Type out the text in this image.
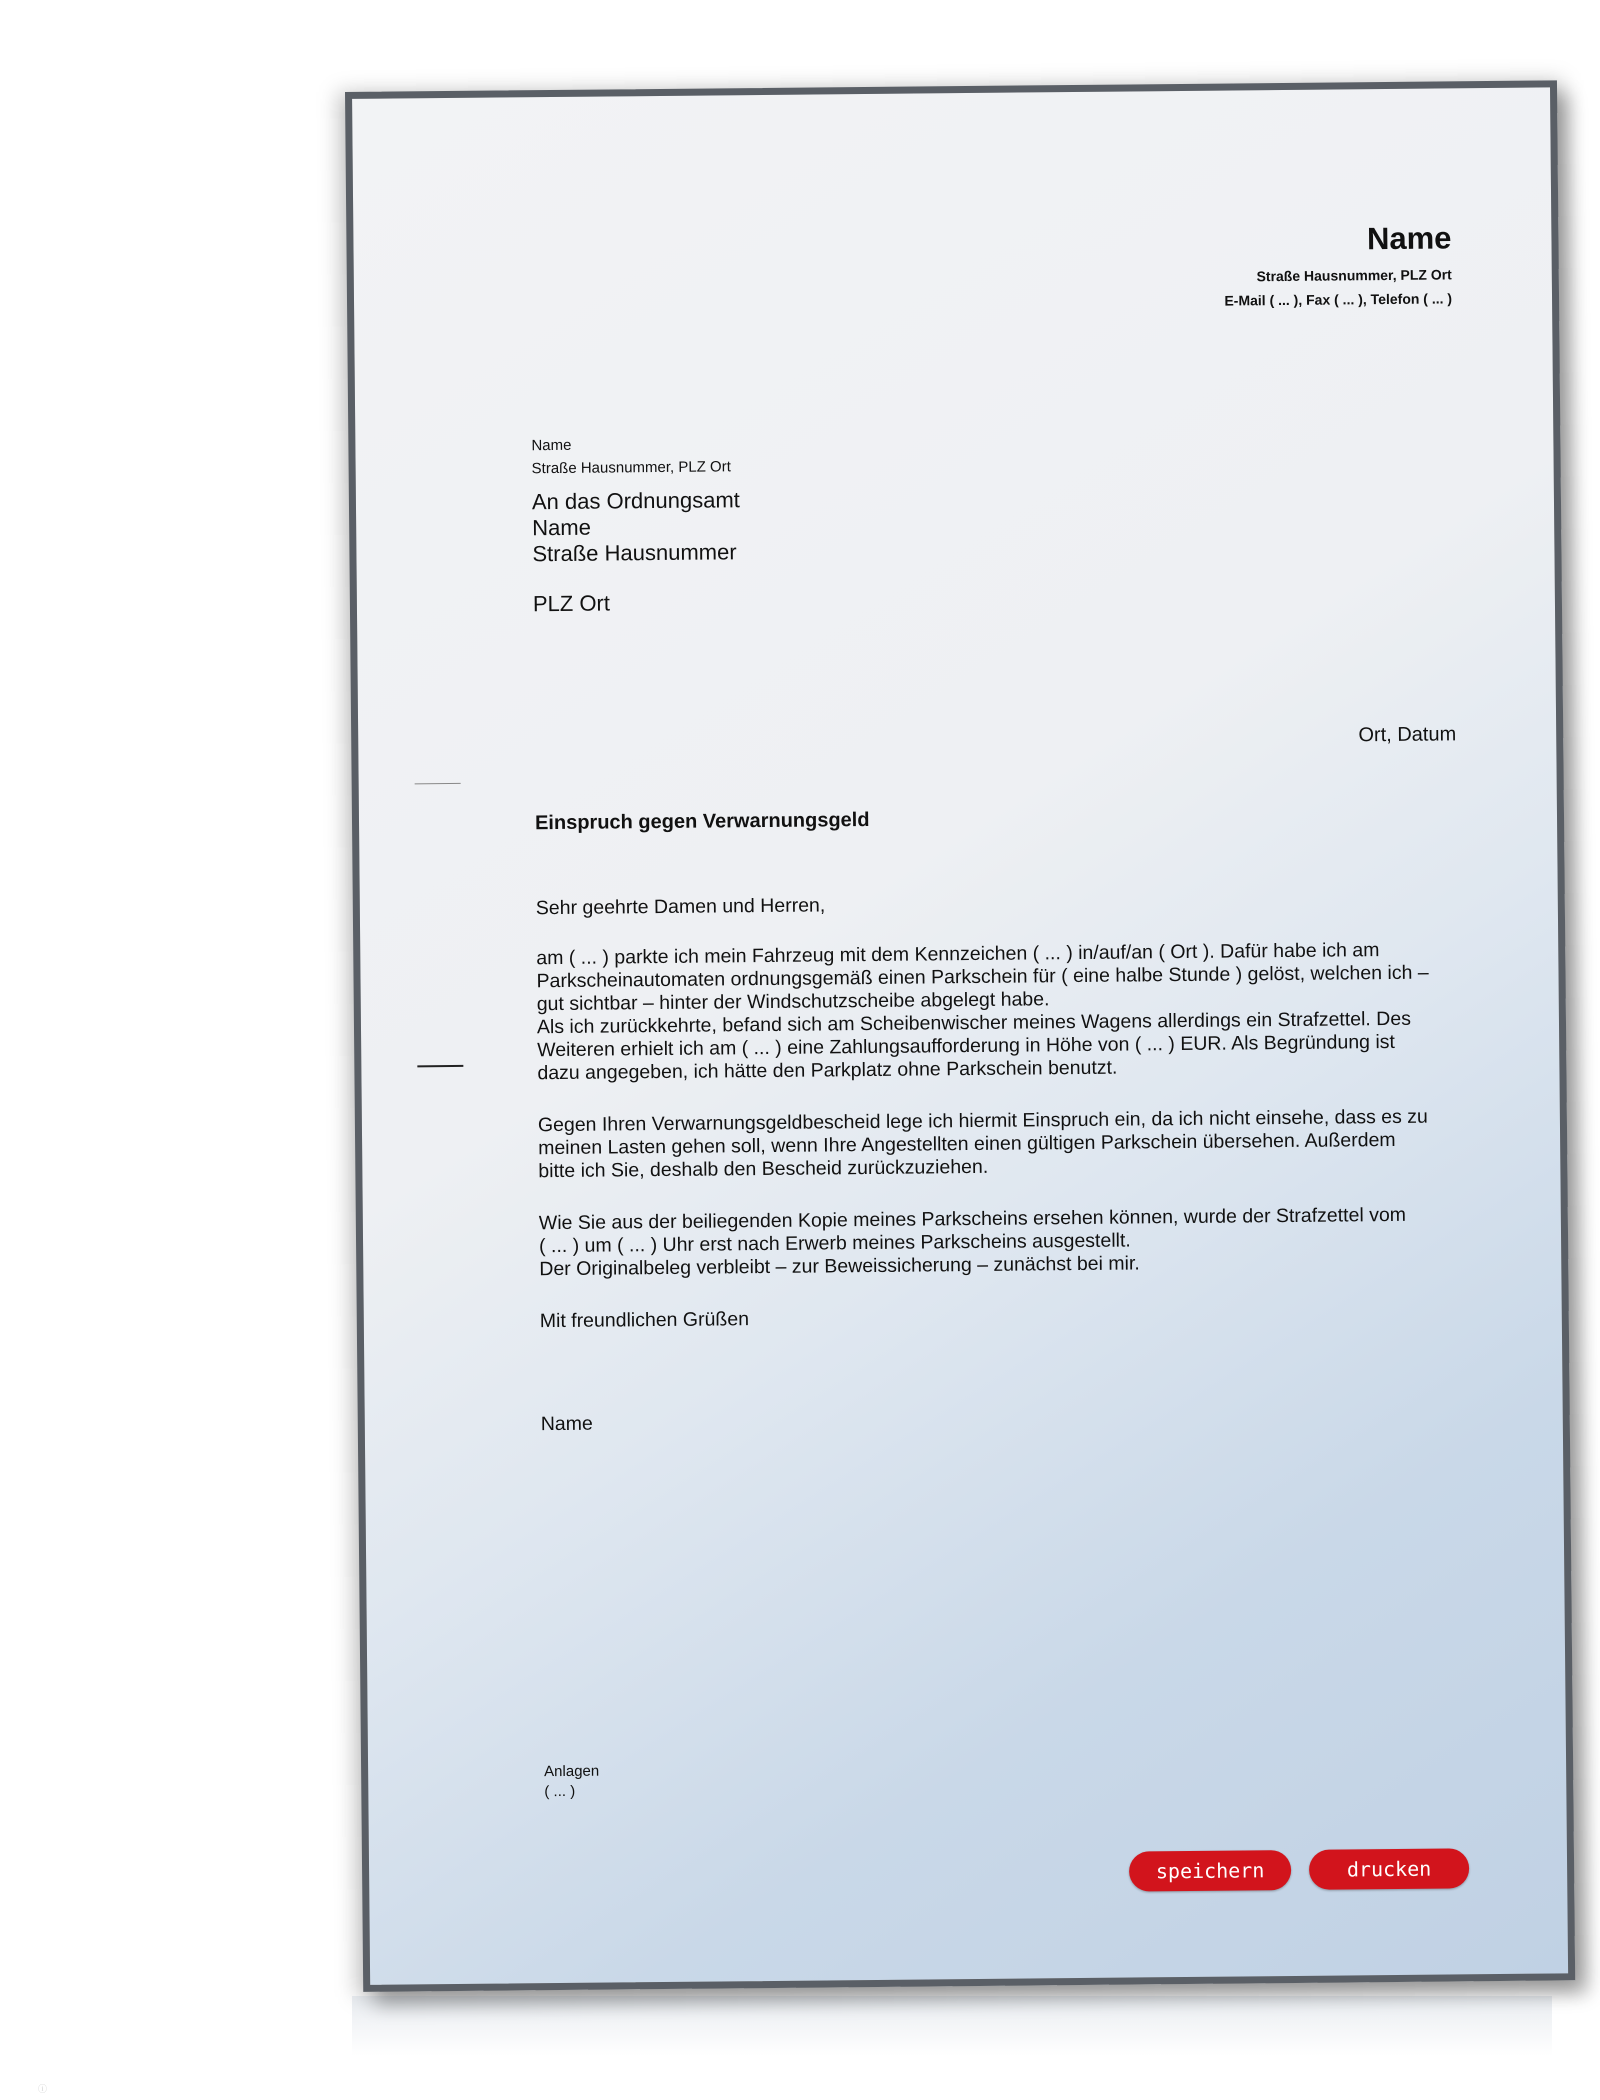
Name
Straße Hausnummer, PLZ Ort
E-Mail ( ... ), Fax ( ... ), Telefon ( ... )
Name
Straße Hausnummer, PLZ Ort
An das Ordnungsamt
Name
Straße Hausnummer
PLZ Ort
Ort, Datum
Einspruch gegen Verwarnungsgeld
Sehr geehrte Damen und Herren,
am ( ... ) parkte ich mein Fahrzeug mit dem Kennzeichen ( ... ) in/auf/an ( Ort ). Dafür habe ich am
Parkscheinautomaten ordnungsgemäß einen Parkschein für ( eine halbe Stunde ) gelöst, welchen ich –
gut sichtbar – hinter der Windschutzscheibe abgelegt habe.
Als ich zurückkehrte, befand sich am Scheibenwischer meines Wagens allerdings ein Strafzettel. Des
Weiteren erhielt ich am ( ... ) eine Zahlungsaufforderung in Höhe von ( ... ) EUR. Als Begründung ist
dazu angegeben, ich hätte den Parkplatz ohne Parkschein benutzt.
Gegen Ihren Verwarnungsgeldbescheid lege ich hiermit Einspruch ein, da ich nicht einsehe, dass es zu
meinen Lasten gehen soll, wenn Ihre Angestellten einen gültigen Parkschein übersehen. Außerdem
bitte ich Sie, deshalb den Bescheid zurückzuziehen.
Wie Sie aus der beiliegenden Kopie meines Parkscheins ersehen können, wurde der Strafzettel vom
( ... ) um ( ... ) Uhr erst nach Erwerb meines Parkscheins ausgestellt.
Der Originalbeleg verbleibt – zur Beweissicherung – zunächst bei mir.
Mit freundlichen Grüßen
Name
Anlagen
( ... )
speichern	drucken
ⓘ
